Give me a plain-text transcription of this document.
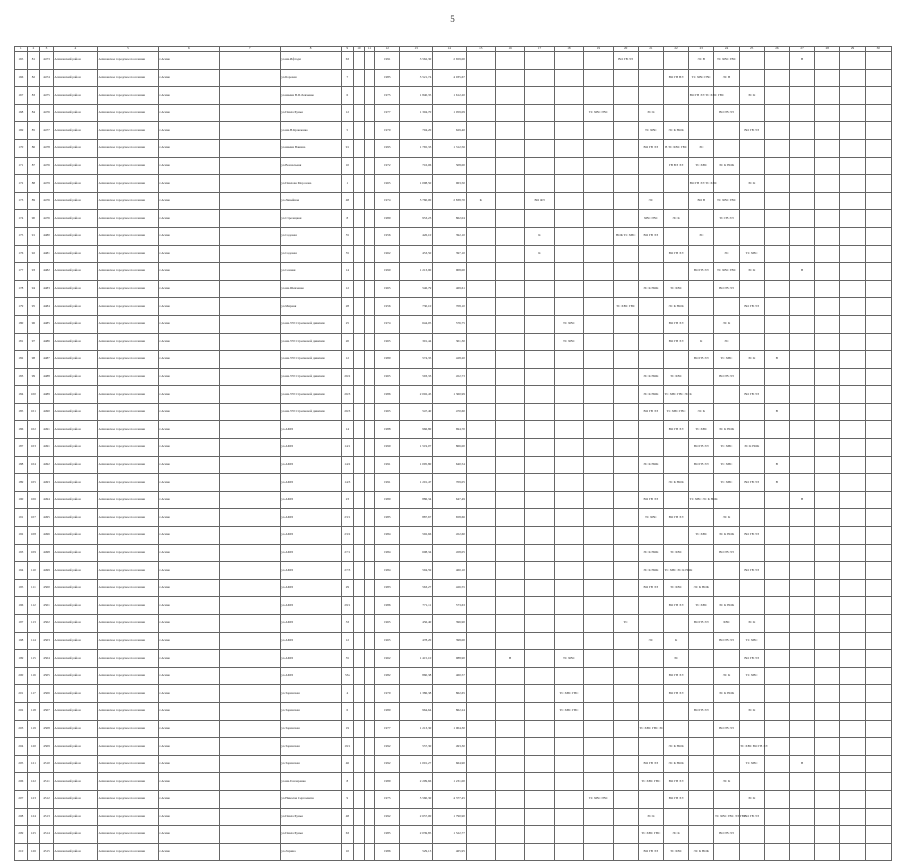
5
1	2	3	4	5	6	7	8	9	10	11	12	13	14	15	16	17	18	19	20	21	22	23	24	25	26	27	28	29	30
165	81	4473	Асиновский район	Асиновское городское поселение	г.Асино		ул.им.Ифтоди	63			1991	3 562,30	2 659,00						ВО ГВ ЭЭ			ЭС В	ТС ХВС ГВС			В			
166	82	4474	Асиновский район	Асиновское городское поселение	г.Асино		ул.Боровая	7			1985	5 521,74	4 035,67								ВО ГВ ВЭ	ТС ХВС ГВС	ЭС В						
167	83	4475	Асиновский район	Асиновское городское поселение	г.Асино		ул.имени В.П.Левченко	6			1975	1 840,35	1 612,20									ВО ГВ ЭЭ ТС ХВС ГВС		ЭС К					
168	84	4476	Асиновский район	Асиновское городское поселение	г.Асино		ул.Павла Бунья	12			1977	1 304,70	1 059,09					ТС ХВС ГВС		ЭС К			ВО ГВ ЭЭ						
169	85	4477	Асиновский район	Асиновское городское поселение	г.Асино		ул.им.Н.Кравченко	5			1970	704,20	629,40							ТС ХВС	ЭС К НОК			ВО ГВ ЭЭ					
170	86	4478	Асиновский район	Асиновское городское поселение	г.Асино		ул.имени Ванина	91			1995	1 765,33	1 312,56							ВО ГВ ЭЭ	В ТС ХВС ГВС	ЭС							
171	87	4476	Асиновский район	Асиновское городское поселение	г.Асино		ул.Вокзальная	10			1972	716,06	508,00								ГВ ВЭ ЭЭ	ТС ХВС	ЭС К НОК						
172	88	4479	Асиновский район	Асиновское городское поселение	г.Асино		ул.Павлова Морозова	1			1965	1 098,50	963,50									ВО ГВ ЭЭ ТС ХВС		ЭС К					
173	89	4476	Асиновский район	Асиновское городское поселение	г.Асино		ул.Линейная	48			1974	5 760,00	2 838,70	К		ВО ФЭ				ЭС		ВО В	ТС ХВС ГВС						
174	90	4476	Асиновский район	Асиновское городское поселение	г.Асино		ул.Стрелецкая	8			1980	953,23	862,04							ХВС ГВС	ЭС К		ТС ГВ ЭЭ						
175	91	4480	Асиновский район	Асиновское городское поселение	г.Асино		ул.Садовая	55			1956	426,10	392,10			К			НОК ТС ХВС	ВО ГВ ЭЭ		ЭС							
176	92	4481	Асиновский район	Асиновское городское поселение	г.Асино		ул.Садовая	55			1962	453,50	397,10			К					ВО ГВ ЭЭ		ЭС	ТС ХВС					
177	93	4482	Асиновский район	Асиновское городское поселение	г.Асино		ул.Сенная	14			1990	1 213,90	908,00									ВО ГВ ЭЭ	ТС ХВС ГВС	ЭС К		В			
178	94	4483	Асиновский район	Асиновское городское поселение	г.Асино		ул.им.Шевченко	12			1965	546,79	469,61							ЭС К НОК	ТС ХВС		ВО ГВ ЭЭ						
179	95	4484	Асиновский район	Асиновское городское поселение	г.Асино		ул.Мирная	28			1956	730,10	708,10						ТС ХВС ГВС		ЭС К НОК			ВО ГВ ЭЭ					
180	96	4485	Асиновский район	Асиновское городское поселение	г.Асино		ул.им.370 Стрелковой дивизии	25			1974	644,05	576,75				ТС ХВС				ВО ГВ ЭЭ		ЭС К						
181	97	4486	Асиновский район	Асиновское городское поселение	г.Асино		ул.им.370 Стрелковой дивизии	20			1965	301,44	301,30				ТС ХВС				ВО ГВ ЭЭ	К	ЭС						
182	98	4487	Асиновский район	Асиновское городское поселение	г.Асино		ул.им.370 Стрелковой дивизии	12			1980	574,35	428,20									ВО ГВ ЭЭ	ТС ХВС	ЭС К	В				
183	99	4488	Асиновский район	Асиновское городское поселение	г.Асино		ул.им.370 Стрелковой дивизии	26/2			1965	593,33	452,73							ЭС К НОК	ТС ХВС		ВО ГВ ЭЭ						
184	100	4489	Асиновский район	Асиновское городское поселение	г.Асино		ул.им.370 Стрелковой дивизии	26/3			1986	2 002,45	1 360,99							ЭС К НОК	ТС ХВС ГВС ЭС К			ВО ГВ ЭЭ					
185	101	4490	Асиновский район	Асиновское городское поселение	г.Асино		ул.им.370 Стрелковой дивизии	26/3			1965	547,40	470,60							ВО ГВ ЭЭ	ТС ХВС ГВС	ЭС К			В				
186	102	4491	Асиновский район	Асиновское городское поселение	г.Асино		ул.АМП	14			1988	966,80	694,70								ВО ГВ ЭЭ	ТС ХВС	ЭС К НОК						
187	103	4491	Асиновский район	Асиновское городское поселение	г.Асино		ул.АМП	14/1			1990	1 519,07	866,00									ВО ГВ ЭЭ	ТС ХВС	ЭС К НОК					
188	104	4492	Асиновский район	Асиновское городское поселение	г.Асино		ул.АМП	14/2			1991	1 095,80	640,54							ЭС К НОК		ВО ГВ ЭЭ	ТС ХВС		В				
189	105	4493	Асиновский район	Асиновское городское поселение	г.Асино		ул.АМП	14/3			1991	1 201,47	709,05								ЭС К НОК		ТС ХВС	ВО ГВ ЭЭ	В				
190	106	4494	Асиновский район	Асиновское городское поселение	г.Асино		ул.АМП	23			1980	886,34	647,49							ВО ГВ ЭЭ		ТС ХВС ЭС К НОК				В			
191	107	4495	Асиновский район	Асиновское городское поселение	г.Асино		ул.АМП	23/1			1985	887,67	658,66							ТС ХВС	ВО ГВ ЭЭ		ЭС К						
192	108	4496	Асиновский район	Асиновское городское поселение	г.Асино		ул.АМП	23/2			1984	592,66	452,60									ТС ХВС	ЭС К НОК	ВО ГВ ЭЭ					
193	109	4498	Асиновский район	Асиновское городское поселение	г.Асино		ул.АМП	27/1			1984	608,34	458,05							ЭС К НОК	ТС ХВС		ВО ГВ ЭЭ						
194	110	4499	Асиновский район	Асиновское городское поселение	г.Асино		ул.АМП	27/3			1984	594,59	460,10							ЭС К НОК	ТС ХВС ЭС К НОК			ВО ГВ ЭЭ					
195	111	4500	Асиновский район	Асиновское городское поселение	г.Асино		ул.АМП	29			1983	563,27	426,55							ВО ГВ ЭЭ	ТС ХВС	ЭС К НОК							
196	112	4501	Асиновский район	Асиновское городское поселение	г.Асино		ул.АМП	29/1			1986	771,11	573,63								ВО ГВ ЭЭ	ТС ХВС	ЭС К НОК						
197	113	4502	Асиновский район	Асиновское городское поселение	г.Асино		ул.АМП	33			1965	456,40	396,90						ТС			ВО ГВ ЭЭ	ХВС	ЭС К					
198	114	4503	Асиновский район	Асиновское городское поселение	г.Асино		ул.АМП	12			1965	478,20	398,00							ЭС	К		ВО ГВ ЭЭ	ТС ХВС					
199	115	4504	Асиновский район	Асиновское городское поселение	г.Асино		ул.АМП	55			1962	1 415,10	988,90		В		ТС ХВС				ЭС			ВО ГВ ЭЭ					
200	116	4505	Асиновский район	Асиновское городское поселение	г.Асино		ул.АМП	53а			1982	860,38	460,57								ВО ГВ ЭЭ		ЭС К	ТС ХВС					
201	117	4506	Асиновский район	Асиновское городское поселение	г.Асино		ул.Зоринская	4			1970	1 386,38	862,65				ТС ХВС ГВС				ВО ГВ ЭЭ		ЭС К НОК						
202	118	4507	Асиновский район	Асиновское городское поселение	г.Асино		ул.Зоринская	6			1980	964,64	862,24				ТС ХВС ГВС					ВО ГВ ЭЭ		ЭС К					
203	119	4508	Асиновский район	Асиновское городское поселение	г.Асино		ул.Зоринская	19			1977	1 213,30	1 004,30							ТС ХВС ГВС ЭС			ВО ГВ ЭЭ						
204	120	4509	Асиновский район	Асиновское городское поселение	г.Асино		ул.Зоринская	19/1			1992	557,30	493,30								ЭС К НОК			ТС ХВС ВО ГВ ЭЭ					
205	121	4510	Асиновский район	Асиновское городское поселение	г.Асино		ул.Зоринская	46			1992	1 001,27	664,90							ВО ГВ ЭЭ	ЭС К НОК			ТС ХВС		В			
206	122	4511	Асиновский район	Асиновское городское поселение	г.Асино		ул.им.Гончаренко	8			1989	2 209,66	1 231,00							ТС ХВС ГВС	ВО ГВ ЭЭ		ЭС К						
207	123	4512	Асиновский район	Асиновское городское поселение	г.Асино		ул.Николая Сергеевича	9			1975	5 560,30	4 377,45					ТС ХВС ГВС			ВО ГВ ЭЭ			ЭС К					
208	124	4513	Асиновский район	Асиновское городское поселение	г.Асино		ул.Павла Бунья	48			1992	2 657,00	1 790,90							ЭС К			ТС ХВС ГВС ЭЭ ГВС	ВО ГВ ЭЭ					
209	125	4514	Асиновский район	Асиновское городское поселение	г.Асино		ул.Павла Бунья	63			1985	2 039,85	1 522,77							ТС ХВС ГВС	ЭС К		ВО ГВ ЭЭ						
210	126	4515	Асиновский район	Асиновское городское поселение	г.Асино		ул.Ларина	10			1986	529,13	465,95							ВО ГВ ЭЭ	ТС ХВС	ЭС К НОК							
